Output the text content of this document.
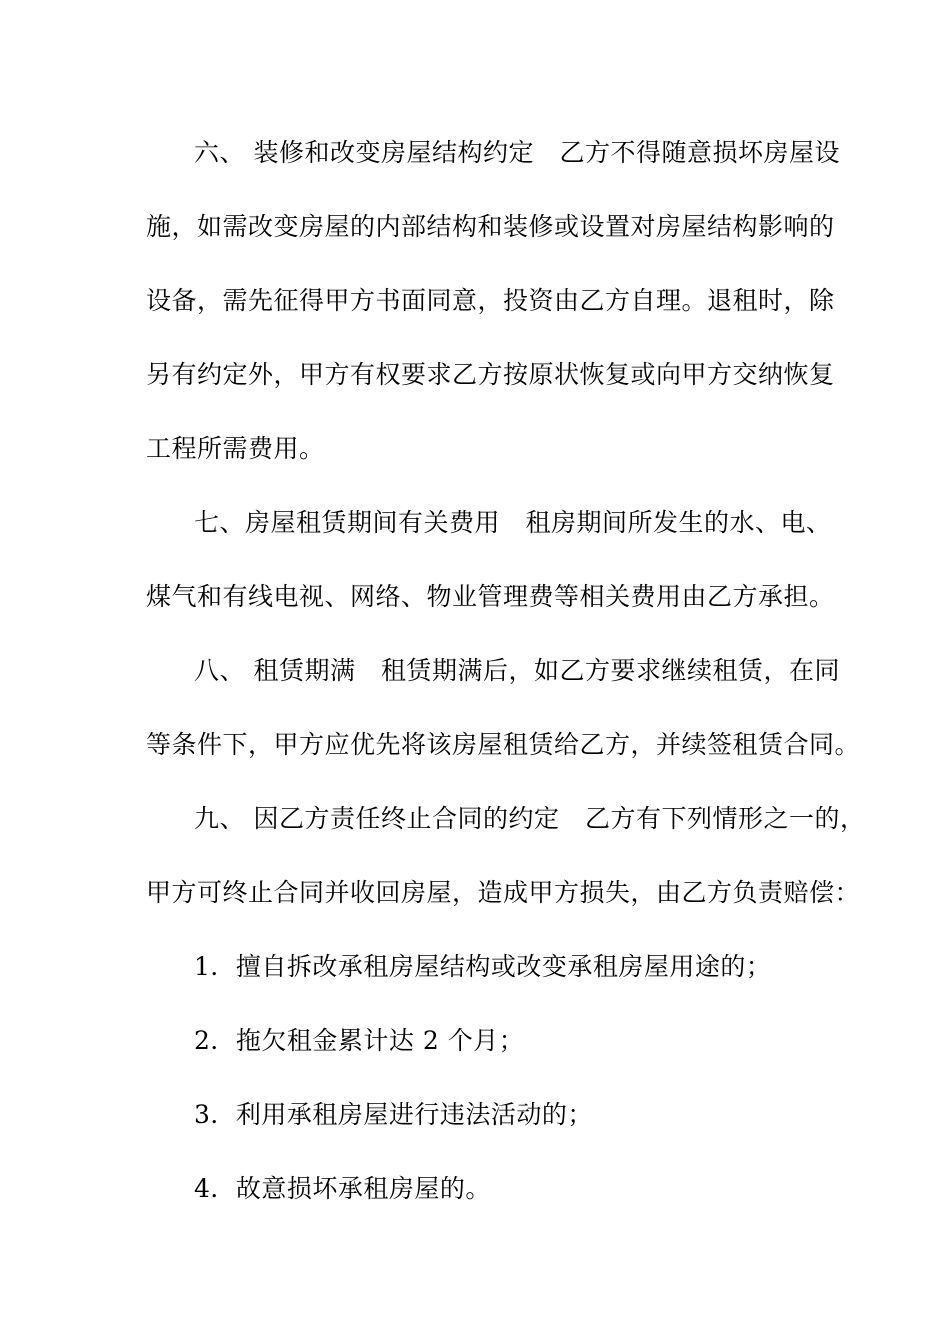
六、 装修和改变房屋结构约定　乙方不得随意损坏房屋设
施，如需改变房屋的内部结构和装修或设置对房屋结构影响的
设备，需先征得甲方书面同意，投资由乙方自理。退租时，除
另有约定外，甲方有权要求乙方按原状恢复或向甲方交纳恢复
工程所需费用。
七、房屋租赁期间有关费用　租房期间所发生的水、电、
煤气和有线电视、网络、物业管理费等相关费用由乙方承担。
八、 租赁期满　租赁期满后，如乙方要求继续租赁，在同
等条件下，甲方应优先将该房屋租赁给乙方，并续签租赁合同。
九、 因乙方责任终止合同的约定　乙方有下列情形之一的，
甲方可终止合同并收回房屋，造成甲方损失，由乙方负责赔偿：
1．擅自拆改承租房屋结构或改变承租房屋用途的；
2．拖欠租金累计达 2 个月；
3．利用承租房屋进行违法活动的；
4．故意损坏承租房屋的。
